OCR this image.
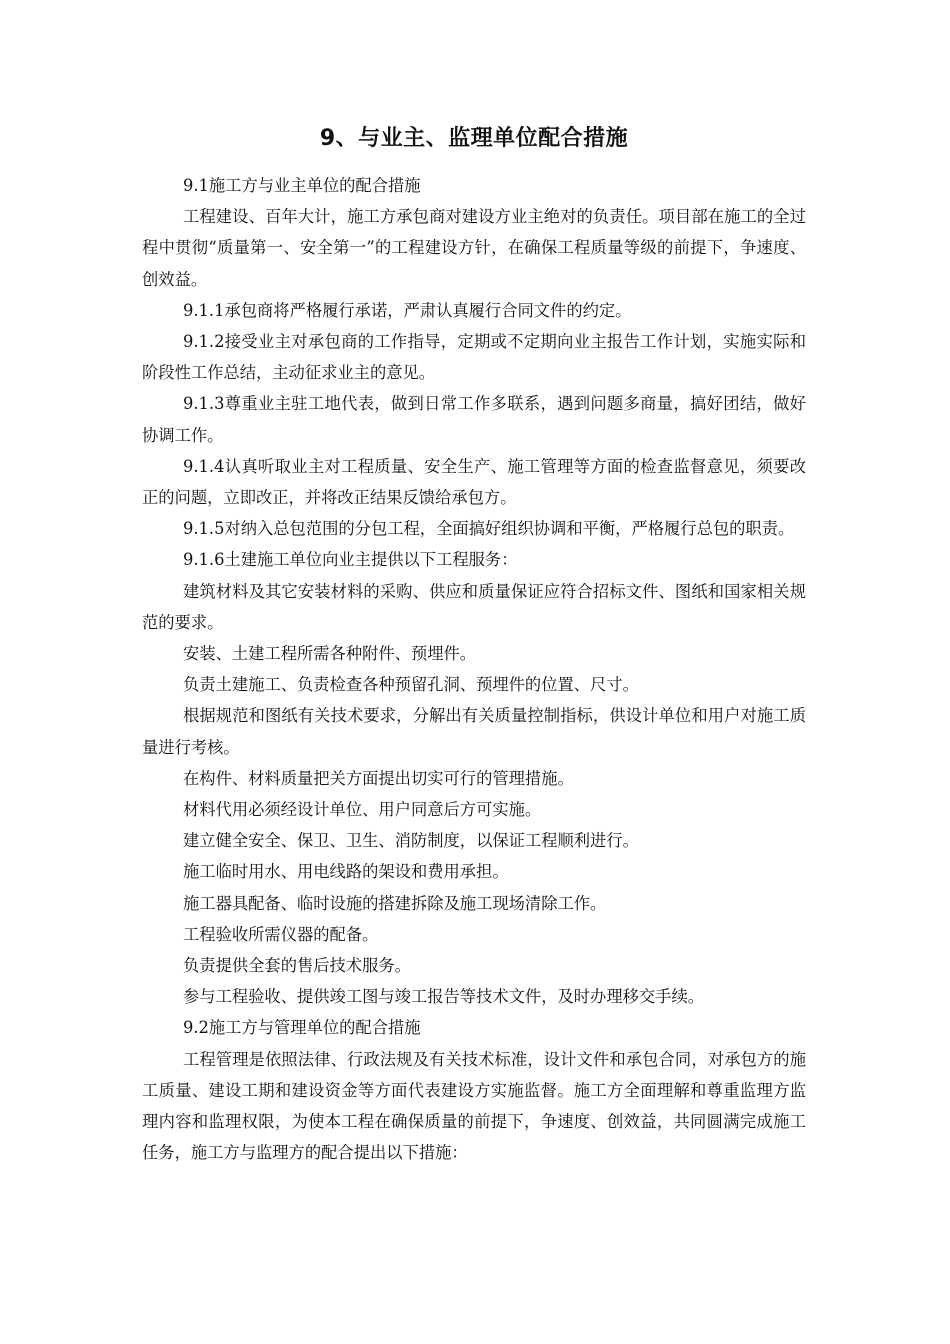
9、与业主、监理单位配合措施

9.1施工方与业主单位的配合措施

工程建设、百年大计，施工方承包商对建设方业主绝对的负责任。项目部在施工的全过程中贯彻“质量第一、安全第一”的工程建设方针，在确保工程质量等级的前提下，争速度、创效益。

9.1.1承包商将严格履行承诺，严肃认真履行合同文件的约定。

9.1.2接受业主对承包商的工作指导，定期或不定期向业主报告工作计划，实施实际和阶段性工作总结，主动征求业主的意见。

9.1.3尊重业主驻工地代表，做到日常工作多联系，遇到问题多商量，搞好团结，做好协调工作。

9.1.4认真听取业主对工程质量、安全生产、施工管理等方面的检查监督意见，须要改正的问题，立即改正，并将改正结果反馈给承包方。

9.1.5对纳入总包范围的分包工程，全面搞好组织协调和平衡，严格履行总包的职责。

9.1.6土建施工单位向业主提供以下工程服务：

建筑材料及其它安装材料的采购、供应和质量保证应符合招标文件、图纸和国家相关规范的要求。

安装、土建工程所需各种附件、预埋件。

负责土建施工、负责检查各种预留孔洞、预埋件的位置、尺寸。

根据规范和图纸有关技术要求，分解出有关质量控制指标，供设计单位和用户对施工质量进行考核。

在构件、材料质量把关方面提出切实可行的管理措施。

材料代用必须经设计单位、用户同意后方可实施。

建立健全安全、保卫、卫生、消防制度，以保证工程顺利进行。

施工临时用水、用电线路的架设和费用承担。

施工器具配备、临时设施的搭建拆除及施工现场清除工作。

工程验收所需仪器的配备。

负责提供全套的售后技术服务。

参与工程验收、提供竣工图与竣工报告等技术文件，及时办理移交手续。

9.2施工方与管理单位的配合措施

工程管理是依照法律、行政法规及有关技术标准，设计文件和承包合同，对承包方的施工质量、建设工期和建设资金等方面代表建设方实施监督。施工方全面理解和尊重监理方监理内容和监理权限，为使本工程在确保质量的前提下，争速度、创效益，共同圆满完成施工任务，施工方与监理方的配合提出以下措施：
